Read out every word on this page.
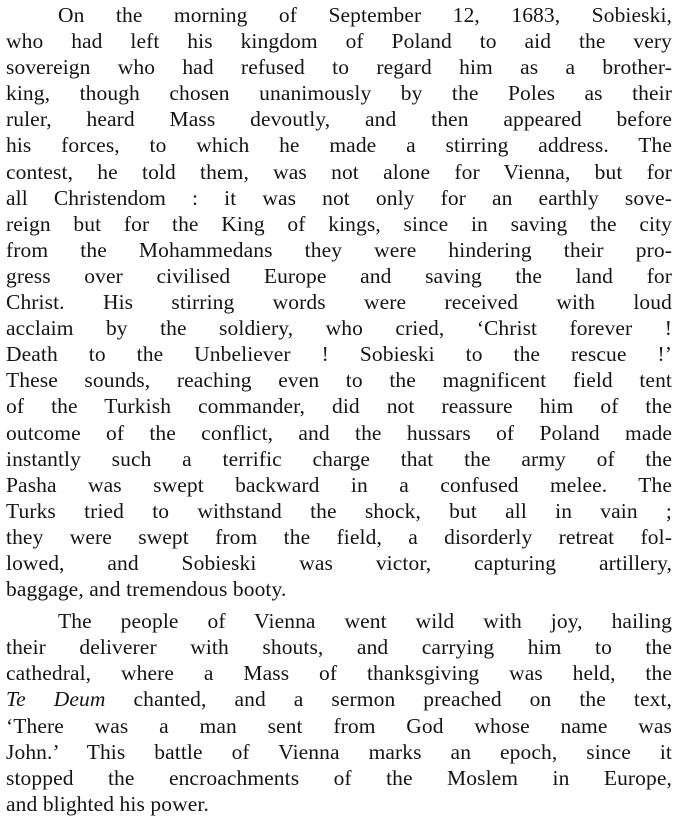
On the morning of September 12, 1683, Sobieski,
who had left his kingdom of Poland to aid the very
sovereign who had refused to regard him as a brother-
king, though chosen unanimously by the Poles as their
ruler, heard Mass devoutly, and then appeared before
his forces, to which he made a stirring address. The
contest, he told them, was not alone for Vienna, but for
all Christendom : it was not only for an earthly sove-
reign but for the King of kings, since in saving the city
from the Mohammedans they were hindering their pro-
gress over civilised Europe and saving the land for
Christ. His stirring words were received with loud
acclaim by the soldiery, who cried, ‘Christ forever !
Death to the Unbeliever ! Sobieski to the rescue !’
These sounds, reaching even to the magnificent field tent
of the Turkish commander, did not reassure him of the
outcome of the conflict, and the hussars of Poland made
instantly such a terrific charge that the army of the
Pasha was swept backward in a confused melee. The
Turks tried to withstand the shock, but all in vain ;
they were swept from the field, a disorderly retreat fol-
lowed, and Sobieski was victor, capturing artillery,
baggage, and tremendous booty.
The people of Vienna went wild with joy, hailing
their deliverer with shouts, and carrying him to the
cathedral, where a Mass of thanksgiving was held, the
Te Deum chanted, and a sermon preached on the text,
‘There was a man sent from God whose name was
John.’ This battle of Vienna marks an epoch, since it
stopped the encroachments of the Moslem in Europe,
and blighted his power.
